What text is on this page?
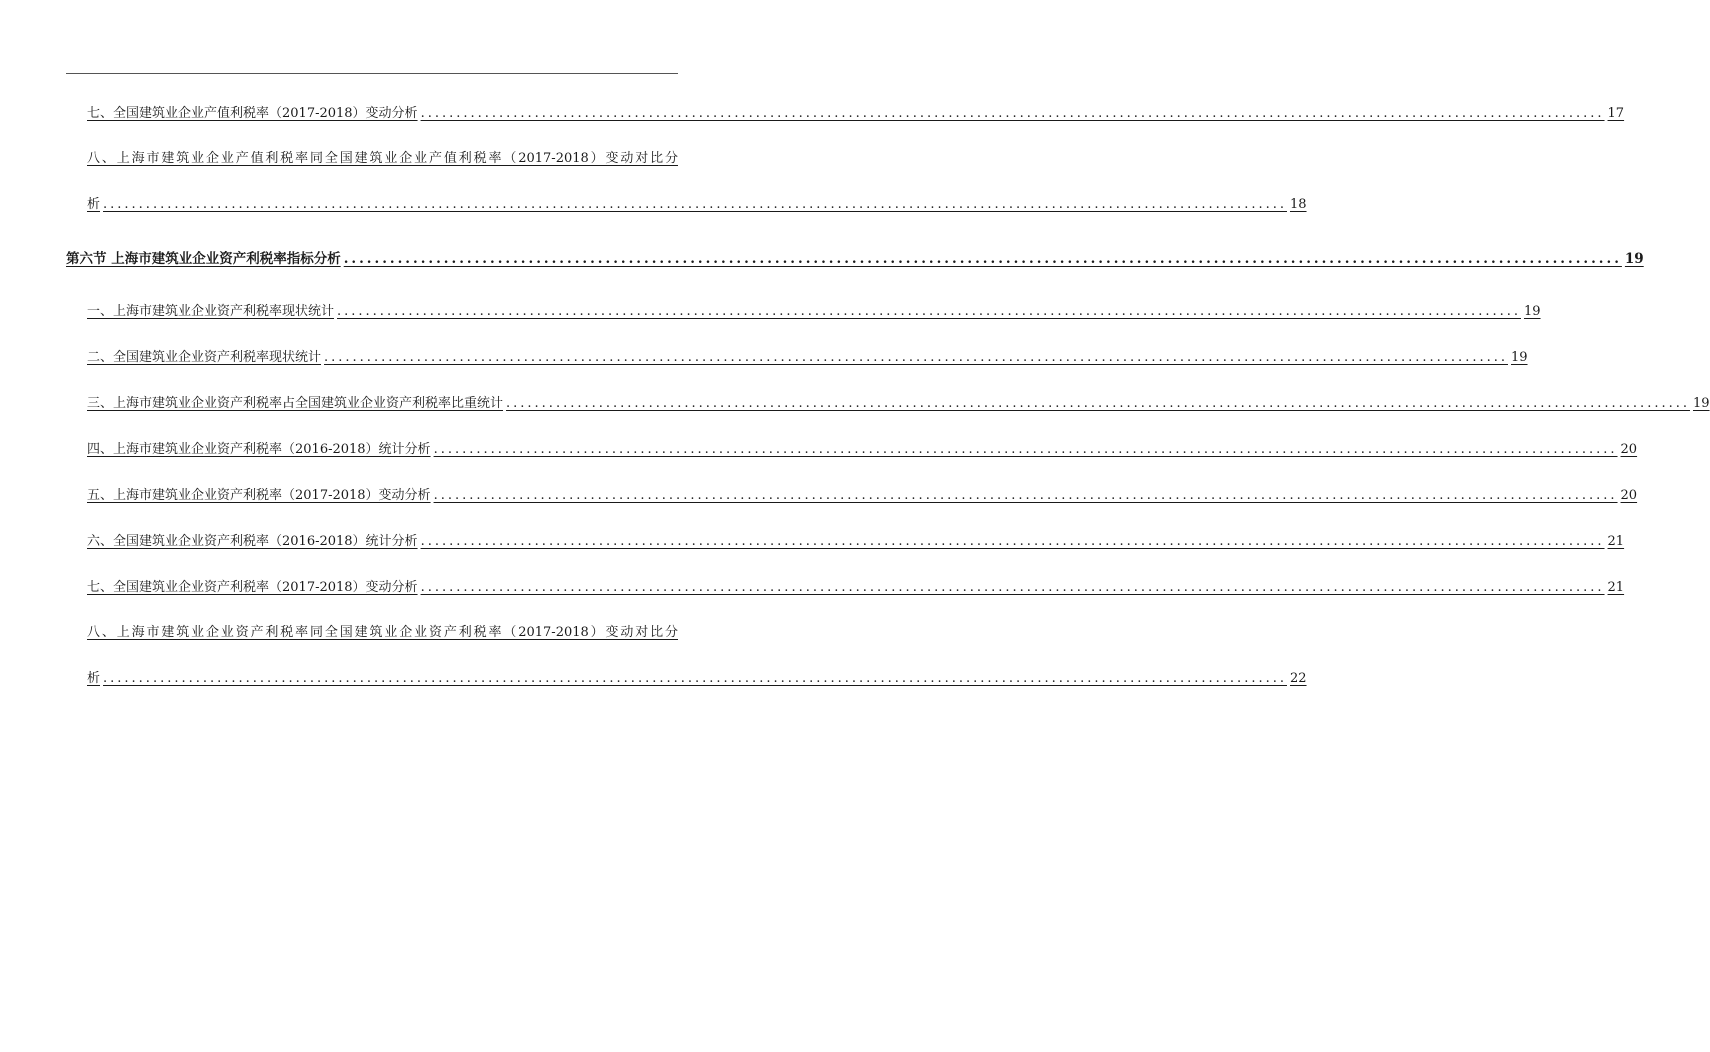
七、全国建筑业企业产值利税率（2017-2018）变动分析 ...................................................................................................................................................................... 17
八、上海市建筑业企业产值利税率同全国建筑业企业产值利税率（2017-2018）变动对比分
析 ...................................................................................................................................................................... 18
第六节 上海市建筑业企业资产利税率指标分析 ...................................................................................................................................................................... 19
一、上海市建筑业企业资产利税率现状统计 ...................................................................................................................................................................... 19
二、全国建筑业企业资产利税率现状统计 ...................................................................................................................................................................... 19
三、上海市建筑业企业资产利税率占全国建筑业企业资产利税率比重统计 ...................................................................................................................................................................... 19
四、上海市建筑业企业资产利税率（2016-2018）统计分析 ...................................................................................................................................................................... 20
五、上海市建筑业企业资产利税率（2017-2018）变动分析 ...................................................................................................................................................................... 20
六、全国建筑业企业资产利税率（2016-2018）统计分析 ...................................................................................................................................................................... 21
七、全国建筑业企业资产利税率（2017-2018）变动分析 ...................................................................................................................................................................... 21
八、上海市建筑业企业资产利税率同全国建筑业企业资产利税率（2017-2018）变动对比分
析 ...................................................................................................................................................................... 22
